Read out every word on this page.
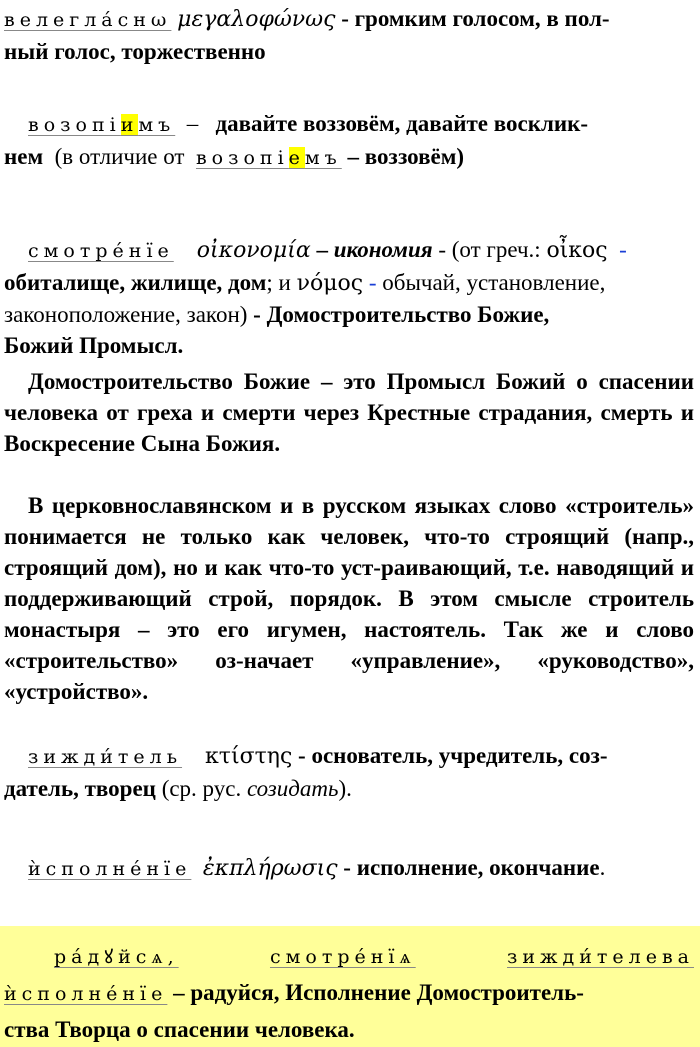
велегла́снω μεγαλοφώνως - громким голосом, в пол-
ный голос, торжественно
возопіимъ – давайте воззовём, давайте воcклик-
нем (в отличие от возопіемъ – воззовём)
смотре́нїе οἰκονομία – икономия - (от греч.: οἶκος -
обиталище, жилище, дом; и νόμος - обычай, установление,
законоположение, закон) - Домостроительство Божие,
Божий Промысл.
Домостроительство Божие – это Промысл Божий о спасении человека от греха и смерти через Крестные страдания, смерть и Воскресение Сына Божия.
В церковнославянском и в русском языках слово «строитель» понимается не только как человек, что-то строящий (напр., строящий дом), но и как что-то уст-раивающий, т.е. наводящий и поддерживающий строй, порядок. В этом смысле строитель монастыря – это его игумен, настоятель. Так же и слово «строительство» оз-начает «управление», «руководство», «устройство».
зижди́тель κτίστης - основатель, учредитель, соз-
датель, творец (ср. рус. созидать).
ѝсполне́нїе ἐκπλήρωσις - исполнение, окончание.
ра́дꙋйсѧ,	смотре́нїѧ	зижди́телева
ѝсполне́нїе – радуйся, Исполнение Домостроитель-
ства Творца о спасении человека.
